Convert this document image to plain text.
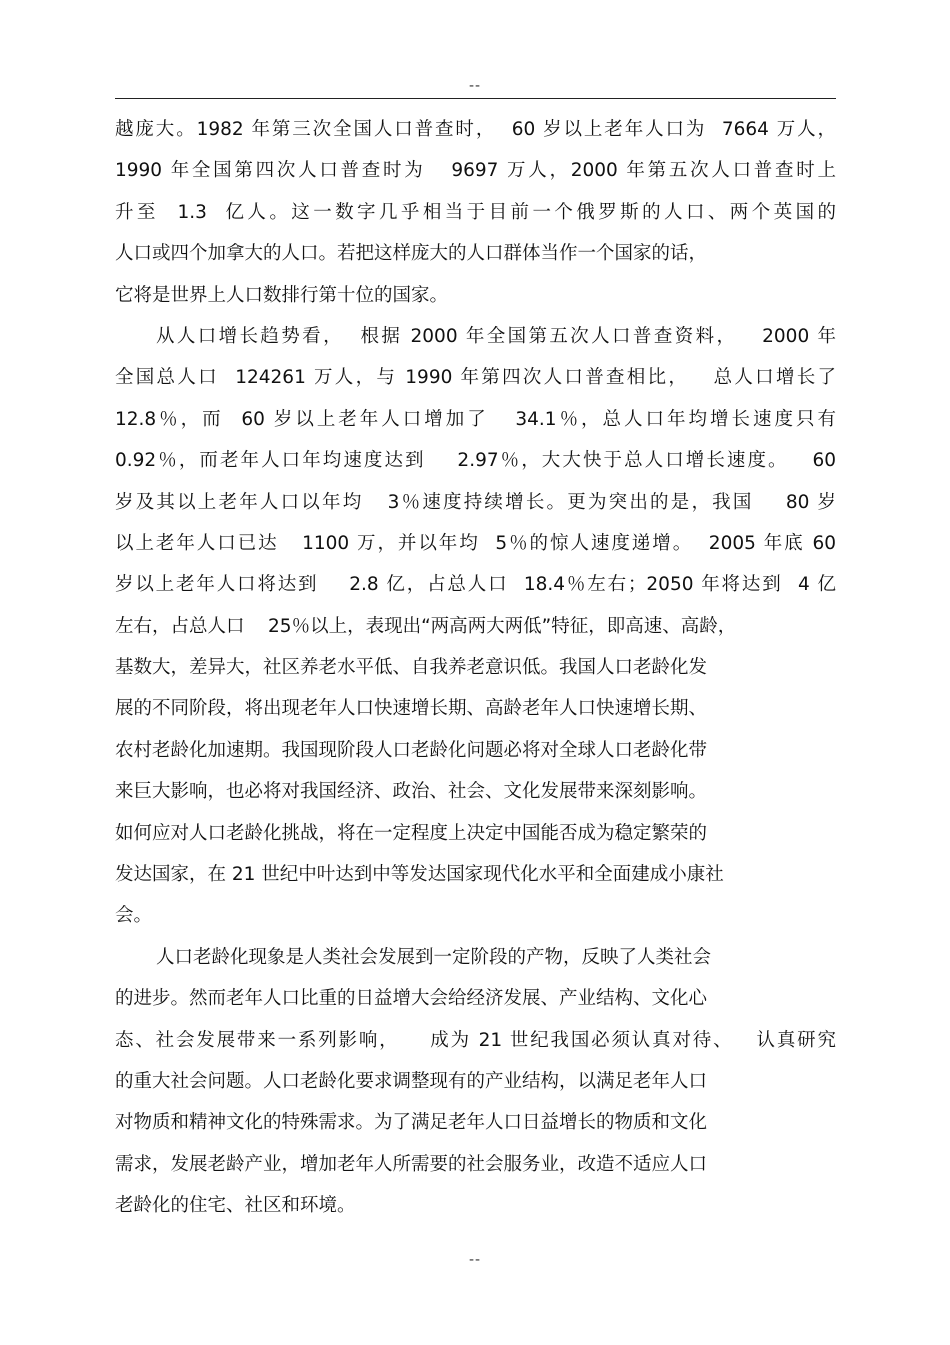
--
越庞大。1982 年第三次全国人口普查时，  60 岁以上老年人口为  7664 万人，
1990 年全国第四次人口普查时为   9697 万人，2000 年第五次人口普查时上
升至  1.3  亿人。这一数字几乎相当于目前一个俄罗斯的人口、两个英国的
人口或四个加拿大的人口。若把这样庞大的人口群体当作一个国家的话，
它将是世界上人口数排行第十位的国家。
从人口增长趋势看，  根据 2000 年全国第五次人口普查资料，   2000 年
全国总人口  124261 万人，与 1990 年第四次人口普查相比，   总人口增长了
12.8％，而  60 岁以上老年人口增加了   34.1％，总人口年均增长速度只有
0.92％，而老年人口年均速度达到    2.97％，大大快于总人口增长速度。   60
岁及其以上老年人口以年均   3％速度持续增长。更为突出的是，我国    80 岁
以上老年人口已达   1100 万，并以年均  5％的惊人速度递增。  2005 年底 60
岁以上老年人口将达到    2.8 亿，占总人口  18.4％左右；2050 年将达到  4 亿
左右，占总人口    25％以上，表现出“两高两大两低”特征，即高速、高龄，
基数大，差异大，社区养老水平低、自我养老意识低。我国人口老龄化发
展的不同阶段，将出现老年人口快速增长期、高龄老年人口快速增长期、
农村老龄化加速期。我国现阶段人口老龄化问题必将对全球人口老龄化带
来巨大影响，也必将对我国经济、政治、社会、文化发展带来深刻影响。
如何应对人口老龄化挑战，将在一定程度上决定中国能否成为稳定繁荣的
发达国家，在 21 世纪中叶达到中等发达国家现代化水平和全面建成小康社
会。
人口老龄化现象是人类社会发展到一定阶段的产物，反映了人类社会
的进步。然而老年人口比重的日益增大会给经济发展、产业结构、文化心
态、社会发展带来一系列影响，    成为 21 世纪我国必须认真对待、   认真研究
的重大社会问题。人口老龄化要求调整现有的产业结构，以满足老年人口
对物质和精神文化的特殊需求。为了满足老年人口日益增长的物质和文化
需求，发展老龄产业，增加老年人所需要的社会服务业，改造不适应人口
老龄化的住宅、社区和环境。
--
